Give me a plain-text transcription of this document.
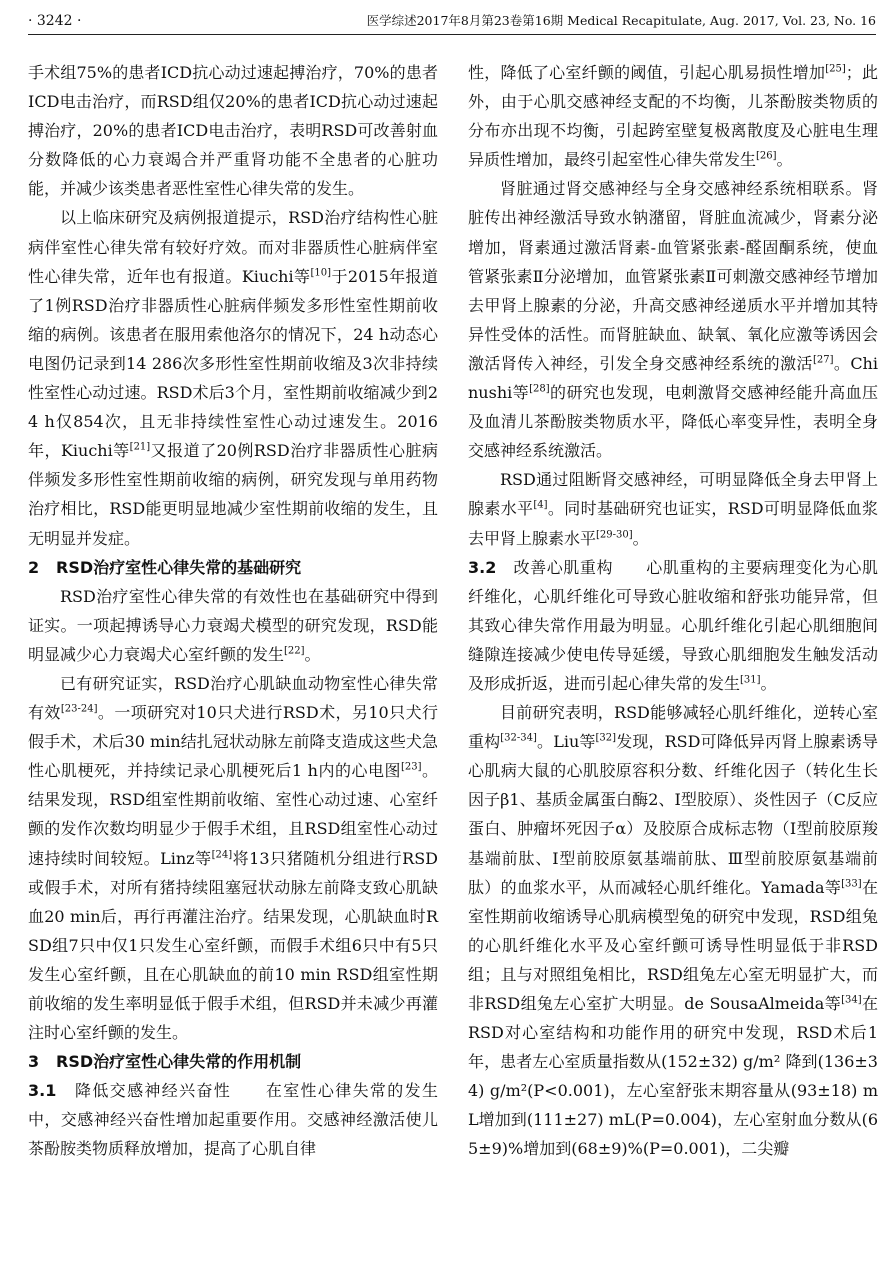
· 3242 ·	医学综述2017年8月第23卷第16期 Medical Recapitulate, Aug. 2017, Vol. 23, No. 16

手术组75%的患者ICD抗心动过速起搏治疗，70%的患者ICD电击治疗，而RSD组仅20%的患者ICD抗心动过速起搏治疗，20%的患者ICD电击治疗，表明RSD可改善射血分数降低的心力衰竭合并严重肾功能不全患者的心脏功能，并减少该类患者恶性室性心律失常的发生。

以上临床研究及病例报道提示，RSD治疗结构性心脏病伴室性心律失常有较好疗效。而对非器质性心脏病伴室性心律失常，近年也有报道。Kiuchi等[10]于2015年报道了1例RSD治疗非器质性心脏病伴频发多形性室性期前收缩的病例。该患者在服用索他洛尔的情况下，24 h动态心电图仍记录到14 286次多形性室性期前收缩及3次非持续性室性心动过速。RSD术后3个月，室性期前收缩减少到24 h仅854次，且无非持续性室性心动过速发生。2016年，Kiuchi等[21]又报道了20例RSD治疗非器质性心脏病伴频发多形性室性期前收缩的病例，研究发现与单用药物治疗相比，RSD能更明显地减少室性期前收缩的发生，且无明显并发症。

2 RSD治疗室性心律失常的基础研究

RSD治疗室性心律失常的有效性也在基础研究中得到证实。一项起搏诱导心力衰竭犬模型的研究发现，RSD能明显减少心力衰竭犬心室纤颤的发生[22]。

已有研究证实，RSD治疗心肌缺血动物室性心律失常有效[23-24]。一项研究对10只犬进行RSD术，另10只犬行假手术，术后30 min结扎冠状动脉左前降支造成这些犬急性心肌梗死，并持续记录心肌梗死后1 h内的心电图[23]。结果发现，RSD组室性期前收缩、室性心动过速、心室纤颤的发作次数均明显少于假手术组，且RSD组室性心动过速持续时间较短。Linz等[24]将13只猪随机分组进行RSD或假手术，对所有猪持续阻塞冠状动脉左前降支致心肌缺血20 min后，再行再灌注治疗。结果发现，心肌缺血时RSD组7只中仅1只发生心室纤颤，而假手术组6只中有5只发生心室纤颤，且在心肌缺血的前10 min RSD组室性期前收缩的发生率明显低于假手术组，但RSD并未减少再灌注时心室纤颤的发生。

3 RSD治疗室性心律失常的作用机制

3.1　 降低交感神经兴奋性　　 在室性心律失常的发生中，交感神经兴奋性增加起重要作用。交感神经激活使儿茶酚胺类物质释放增加，提高了心肌自律

性，降低了心室纤颤的阈值，引起心肌易损性增加[25]；此外，由于心肌交感神经支配的不均衡，儿茶酚胺类物质的分布亦出现不均衡，引起跨室壁复极离散度及心脏电生理异质性增加，最终引起室性心律失常发生[26]。

肾脏通过肾交感神经与全身交感神经系统相联系。肾脏传出神经激活导致水钠潴留，肾脏血流减少，肾素分泌增加，肾素通过激活肾素-血管紧张素-醛固酮系统，使血管紧张素Ⅱ分泌增加，血管紧张素Ⅱ可刺激交感神经节增加去甲肾上腺素的分泌，升高交感神经递质水平并增加其特异性受体的活性。而肾脏缺血、缺氧、氧化应激等诱因会激活肾传入神经，引发全身交感神经系统的激活[27]。Chinushi等[28]的研究也发现，电刺激肾交感神经能升高血压及血清儿茶酚胺类物质水平，降低心率变异性，表明全身交感神经系统激活。

RSD通过阻断肾交感神经，可明显降低全身去甲肾上腺素水平[4]。同时基础研究也证实，RSD可明显降低血浆去甲肾上腺素水平[29-30]。

3.2　 改善心肌重构　　 心肌重构的主要病理变化为心肌纤维化，心肌纤维化可导致心脏收缩和舒张功能异常，但其致心律失常作用最为明显。心肌纤维化引起心肌细胞间缝隙连接减少使电传导延缓，导致心肌细胞发生触发活动及形成折返，进而引起心律失常的发生[31]。

目前研究表明，RSD能够减轻心肌纤维化，逆转心室重构[32-34]。Liu等[32]发现，RSD可降低异丙肾上腺素诱导心肌病大鼠的心肌胶原容积分数、纤维化因子（转化生长因子β1、基质金属蛋白酶2、Ⅰ型胶原）、炎性因子（C反应蛋白、肿瘤坏死因子α）及胶原合成标志物（Ⅰ型前胶原羧基端前肽、Ⅰ型前胶原氨基端前肽、Ⅲ型前胶原氨基端前肽）的血浆水平，从而减轻心肌纤维化。Yamada等[33]在室性期前收缩诱导心肌病模型兔的研究中发现，RSD组兔的心肌纤维化水平及心室纤颤可诱导性明显低于非RSD组；且与对照组兔相比，RSD组兔左心室无明显扩大，而非RSD组兔左心室扩大明显。de SousaAlmeida等[34]在RSD对心室结构和功能作用的研究中发现，RSD术后1年，患者左心室质量指数从(152±32) g/m² 降到(136±34) g/m²(P<0.001)，左心室舒张末期容量从(93±18) mL增加到(111±27) mL(P=0.004)，左心室射血分数从(65±9)%增加到(68±9)%(P=0.001)，二尖瓣
